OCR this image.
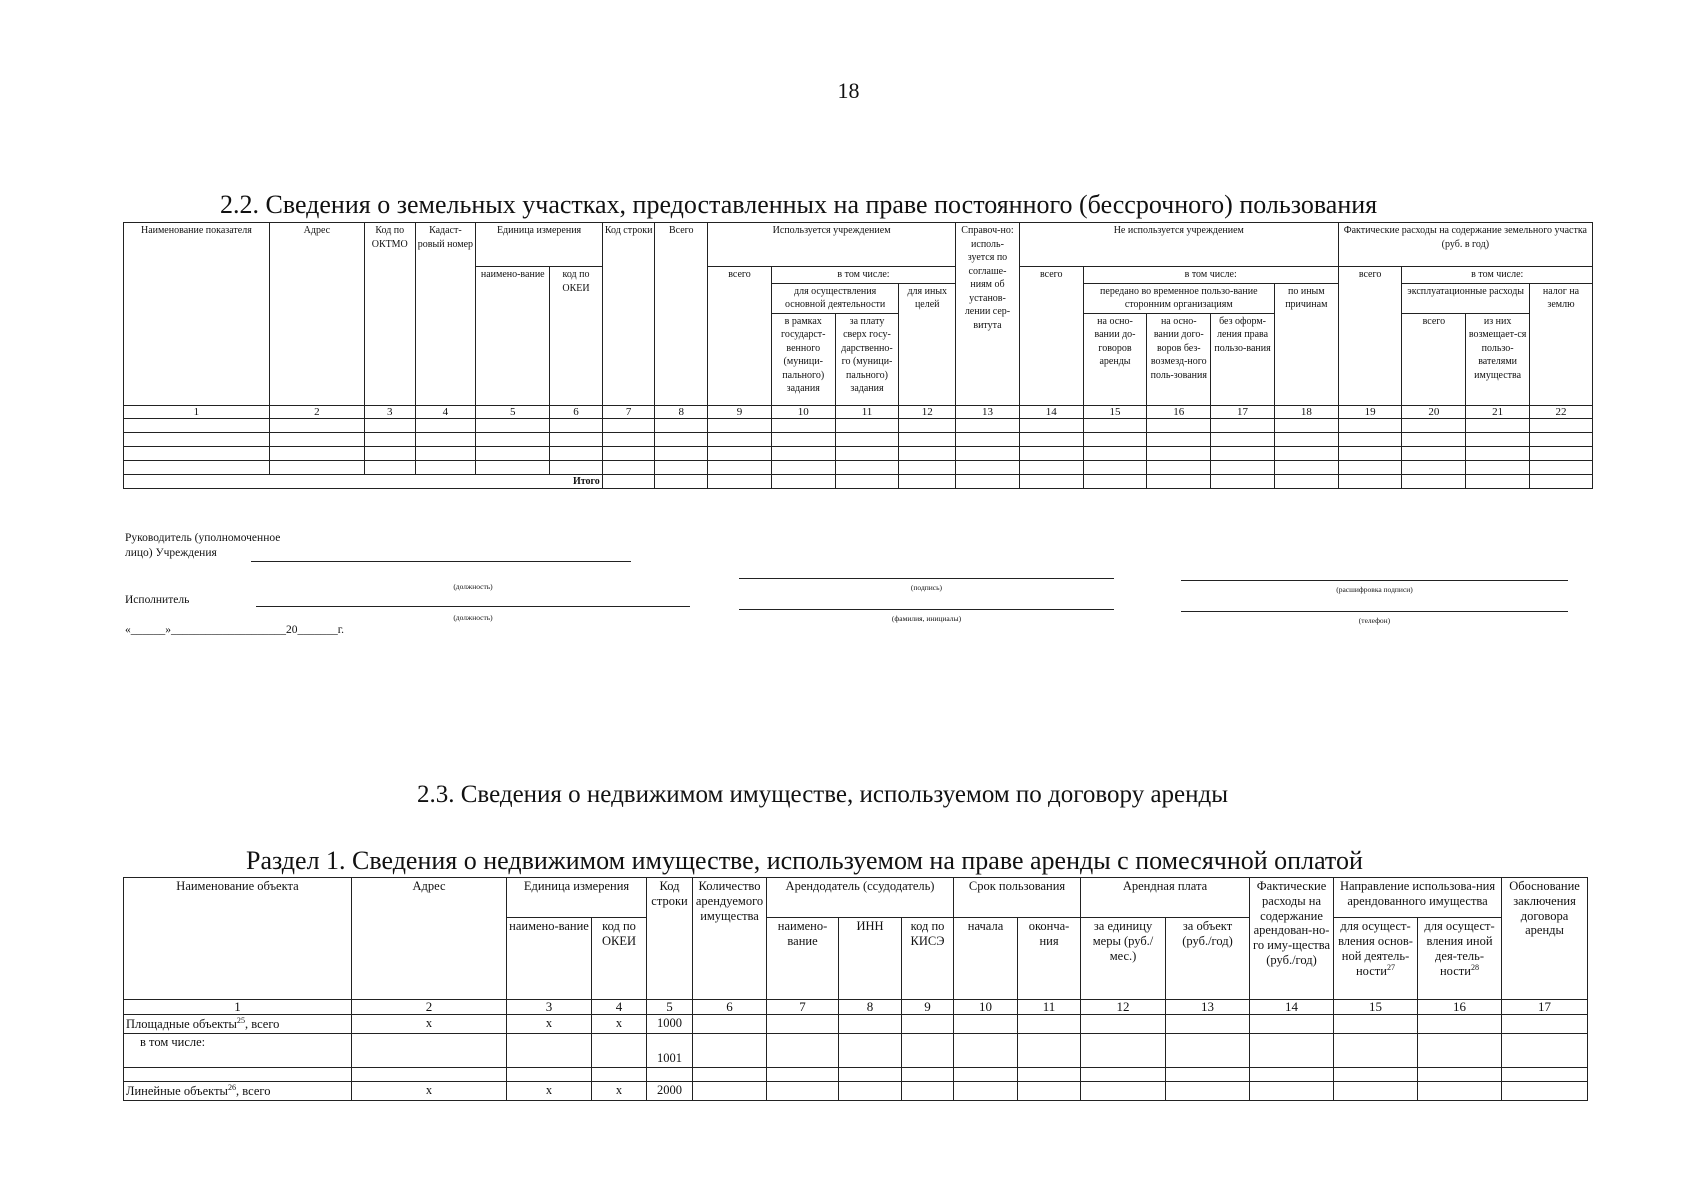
18
2.2. Сведения о земельных участках, предоставленных на праве постоянного (бессрочного) пользования
Наименование показателя	Адрес	Код по ОКТМО	Кадаст-ровый номер	Единица измерения		Код строки	Всего	Используется учреждением				Справоч-но: исполь-зуется по соглаше-ниям об установ-лении сер-витута	Не используется учреждением					Фактические расходы на содержание земельного участка (руб. в год)			
				наимено-вание	код по ОКЕИ			всего	в том числе:				всего	в том числе:				всего	в том числе:		
									для осуществления основной деятельности		для иных целей			передано во временное пользо-вание сторонним организациям			по иным причинам		эксплуатационные расходы		налог на землю
									в рамках государст-венного (муници-пального) задания	за плату сверх госу-дарственно-го (муници-пального) задания				на осно-вании до-говоров аренды	на осно-вании дого-воров без-возмезд-ного поль-зования	без оформ-ления права пользо-вания			всего	из них возмещает-ся пользо-вателями имущества	

1	2	3	4	5	6	7	8	9	10	11	12	13	14	15	16	17	18	19	20	21	22

Итого																					
Руководитель (уполномоченное
лицо) Учреждения
(должность)	(подпись)	(расшифровка подписи)
Исполнитель
(должность)	(фамилия, инициалы)	(телефон)
«______»____________________20_______г.
2.3. Сведения о недвижимом имуществе, используемом по договору аренды
Раздел 1. Сведения о недвижимом имуществе, используемом на праве аренды с помесячной оплатой
Наименование объекта	Адрес	Единица измерения		Код строки	Количество арендуемого имущества	Арендодатель (ссудодатель)			Срок пользования		Арендная плата		Фактические расходы на содержание арендован-но- го иму-щества (руб./год)	Направление использова-ния арендованного имущества		Обоснование заключения договора аренды
		наимено-вание	код по ОКЕИ			наимено-вание	ИНН	код по КИСЭ	начала	оконча-ния	за единицу меры (руб./ мес.)	за объект (руб./год)		для осущест-вления основ- ной деятель-ности$^{27}$	для осущест-вления иной дея-тель-ности$^{28}$
1	2	3	4	5	6	7	8	9	10	11	12	13	14	15	16	17
Площадные объекты$^{25}$, всего	x	x	x	1000												
в том числе:				1001												

Линейные объекты$^{26}$, всего	x	x	x	2000												
